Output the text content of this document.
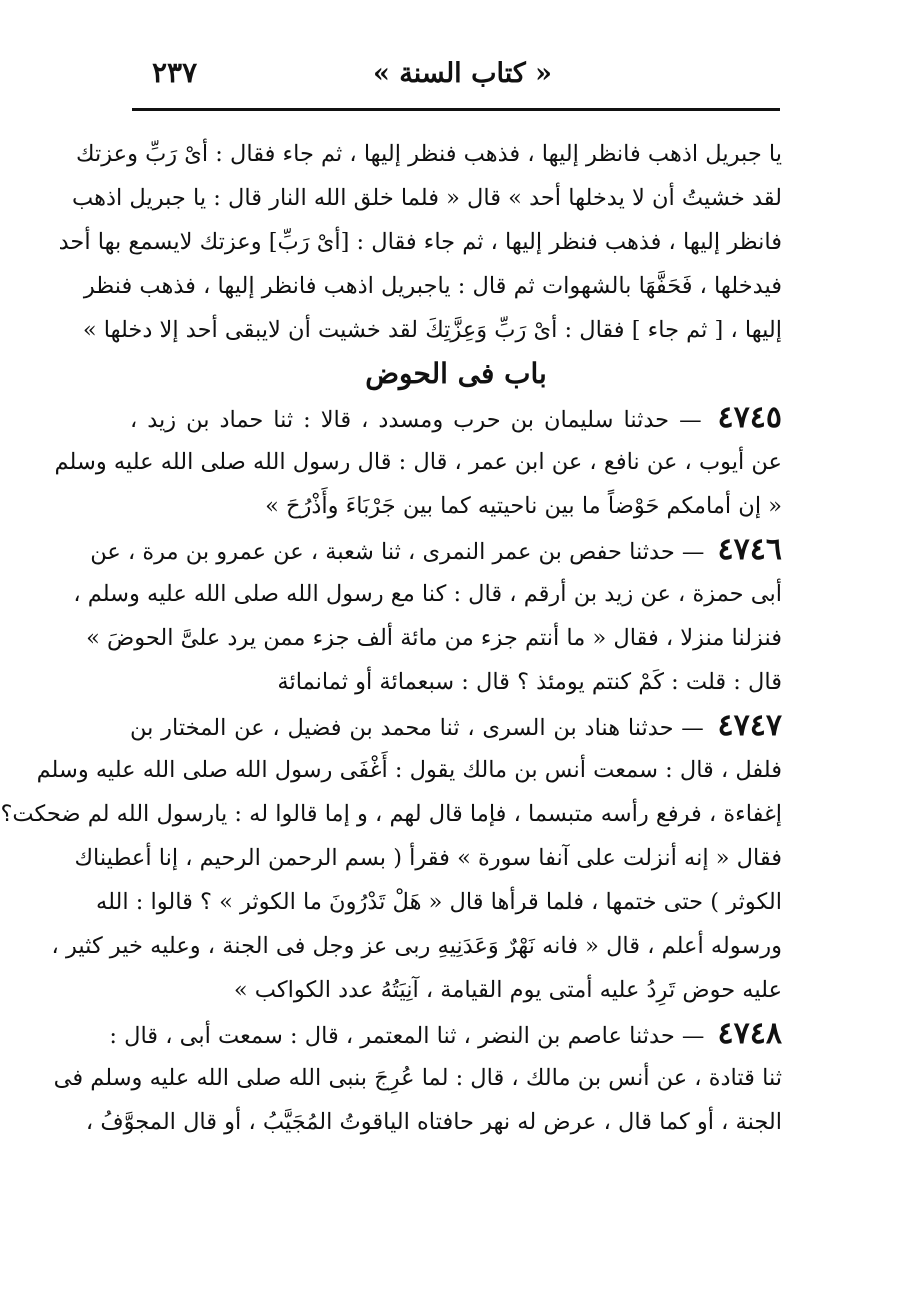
« كتاب السنة »
٢٣٧
يا جبريل اذهب فانظر إليها ، فذهب فنظر إليها ، ثم جاء فقال : أىْ رَبِّ وعزتك
لقد خشيتُ أن لا يدخلها أحد » قال « فلما خلق الله النار قال : يا جبريل اذهب
فانظر إليها ، فذهب فنظر إليها ، ثم جاء فقال : [أىْ رَبِّ] وعزتك لايسمع بها أحد
فيدخلها ، فَحَفَّهَا بالشهوات ثم قال : ياجبريل اذهب فانظر إليها ، فذهب فنظر
إليها ، [ ثم جاء ] فقال : أىْ رَبِّ وَعِزَّتِكَ لقد خشيت أن لايبقى أحد إلا دخلها »
باب فى الحوض
٤٧٤٥ — حدثنا سليمان بن حرب ومسدد ، قالا : ثنا حماد بن زيد ،
عن أيوب ، عن نافع ، عن ابن عمر ، قال : قال رسول الله صلى الله عليه وسلم
« إن أمامكم حَوْضاً ما بين ناحيتيه كما بين جَرْبَاءَ وأَذْرُحَ »
٤٧٤٦ — حدثنا حفص بن عمر النمرى ، ثنا شعبة ، عن عمرو بن مرة ، عن
أبى حمزة ، عن زيد بن أرقم ، قال : كنا مع رسول الله صلى الله عليه وسلم ،
فنزلنا منزلا ، فقال « ما أنتم جزء من مائة ألف جزء ممن يرد علىَّ الحوضَ »
قال : قلت : كَمْ كنتم يومئذ ؟ قال : سبعمائة أو ثمانمائة
٤٧٤٧ — حدثنا هناد بن السرى ، ثنا محمد بن فضيل ، عن المختار بن
فلفل ، قال : سمعت أنس بن مالك يقول : أَغْفَى رسول الله صلى الله عليه وسلم
إغفاءة ، فرفع رأسه متبسما ، فإما قال لهم ، و إما قالوا له : يارسول الله لم ضحكت؟
فقال « إنه أنزلت على آنفا سورة » فقرأ ( بسم الرحمن الرحيم ، إنا أعطيناك
الكوثر ) حتى ختمها ، فلما قرأها قال « هَلْ تَدْرُونَ ما الكوثر » ؟ قالوا : الله
ورسوله أعلم ، قال « فانه نَهْرٌ وَعَدَنِيهِ ربى عز وجل فى الجنة ، وعليه خير كثير ،
عليه حوض تَرِدُ عليه أمتى يوم القيامة ، آنِيَتُهُ عدد الكواكب »
٤٧٤٨ — حدثنا عاصم بن النضر ، ثنا المعتمر ، قال : سمعت أبى ، قال :
ثنا قتادة ، عن أنس بن مالك ، قال : لما عُرِجَ بنبى الله صلى الله عليه وسلم فى
الجنة ، أو كما قال ، عرض له نهر حافتاه الياقوتُ المُجَيَّبُ ، أو قال المجوَّفُ ،
